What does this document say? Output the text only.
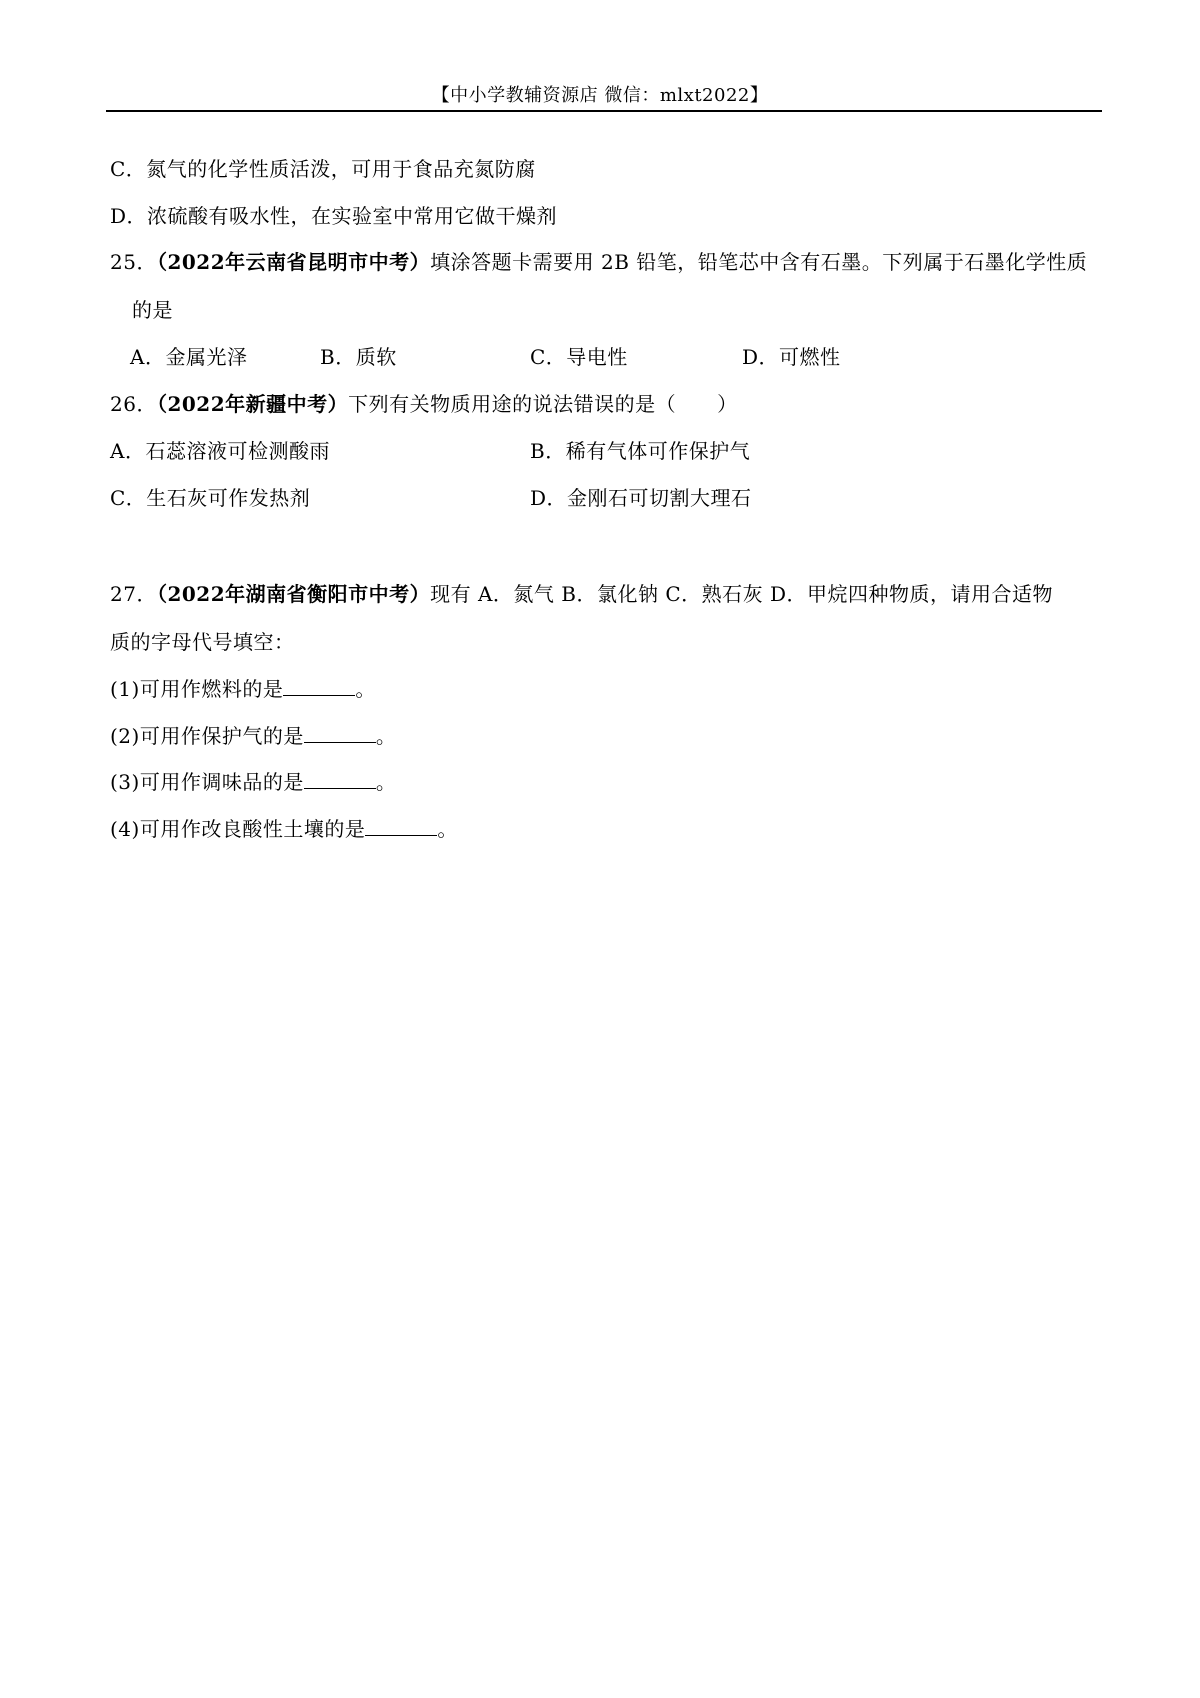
【中小学教辅资源店 微信：mlxt2022】
C．氮气的化学性质活泼，可用于食品充氮防腐
D．浓硫酸有吸水性，在实验室中常用它做干燥剂
25．（2022年云南省昆明市中考）填涂答题卡需要用 2B 铅笔，铅笔芯中含有石墨。下列属于石墨化学性质
的是
A．金属光泽	B．质软	C．导电性	D．可燃性
26．（2022年新疆中考）下列有关物质用途的说法错误的是（　　）
A．石蕊溶液可检测酸雨	B．稀有气体可作保护气
C．生石灰可作发热剂	D．金刚石可切割大理石
27．（2022年湖南省衡阳市中考）现有 A．氮气 B．氯化钠 C．熟石灰 D．甲烷四种物质，请用合适物
质的字母代号填空：
(1)可用作燃料的是	。
(2)可用作保护气的是	。
(3)可用作调味品的是	。
(4)可用作改良酸性土壤的是	。
